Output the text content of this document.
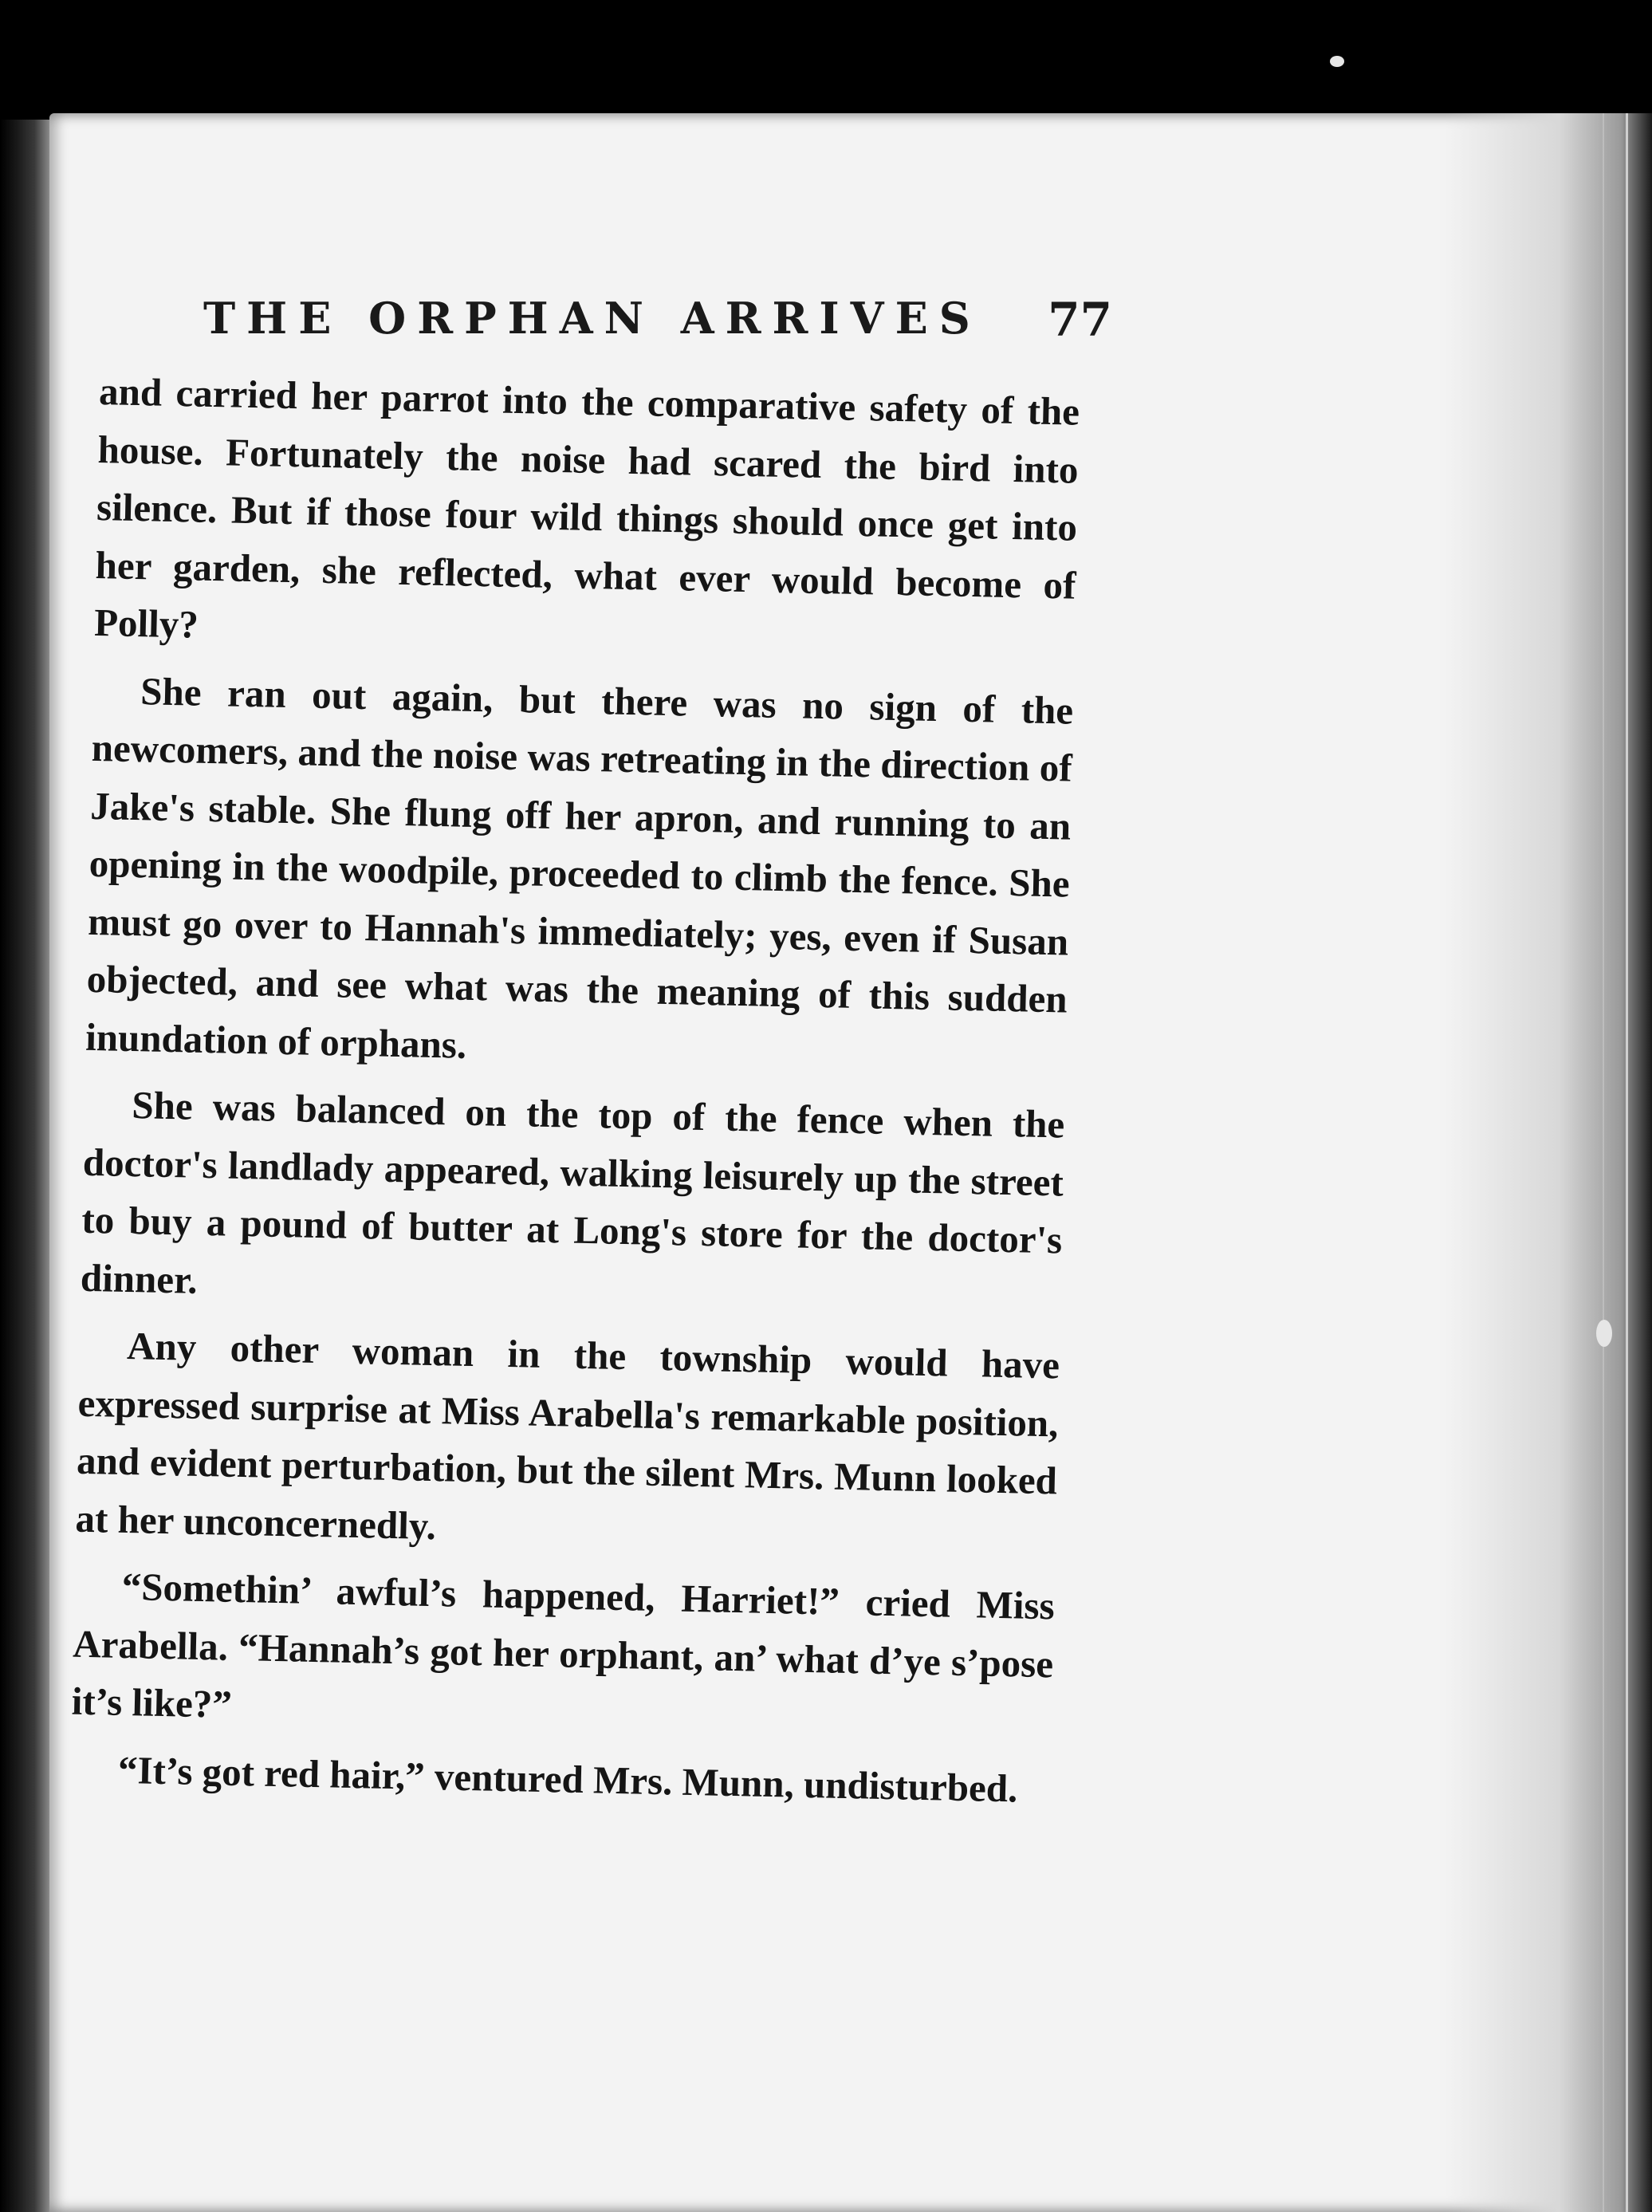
THE ORPHAN ARRIVES 77

and carried her parrot into the comparative safety of the house. Fortunately the noise had scared the bird into silence. But if those four wild things should once get into her garden, she reflected, what ever would become of Polly?

She ran out again, but there was no sign of the newcomers, and the noise was retreating in the direction of Jake's stable. She flung off her apron, and running to an opening in the woodpile, proceeded to climb the fence. She must go over to Hannah's immediately; yes, even if Susan objected, and see what was the meaning of this sudden inundation of orphans.

She was balanced on the top of the fence when the doctor's landlady appeared, walking leisurely up the street to buy a pound of butter at Long's store for the doctor's dinner.

Any other woman in the township would have expressed surprise at Miss Arabella's remarkable position, and evident perturbation, but the silent Mrs. Munn looked at her unconcernedly.

“Somethin’ awful’s happened, Harriet!” cried Miss Arabella. “Hannah’s got her orphant, an’ what d’ye s’pose it’s like?”

“It’s got red hair,” ventured Mrs. Munn, undisturbed.
